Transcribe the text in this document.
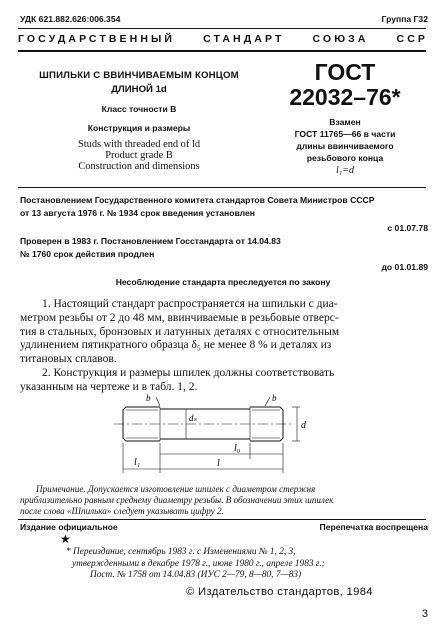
УДК 621.882.626:006.354	Группа Г32
ГОСУДАРСТВЕННЫЙ СТАНДАРТ СОЮЗА ССР
ШПИЛЬКИ С ВВИНЧИВАЕМЫМ КОНЦОМ
ДЛИНОЙ 1d
Класс точности В
Конструкция и размеры
Studs with threaded end of ld
Product grade B
Construction and dimensions
ГОСТ
22032–76*
Взамен
ГОСТ 11765—66 в части
длины ввинчиваемого
резьбового конца
l₁=d
Постановлением Государственного комитета стандартов Совета Министров СССР
от 13 августа 1976 г. № 1934 срок введения установлен
с 01.07.78
Проверен в 1983 г. Постановлением Госстандарта от 14.04.83
№ 1760 срок действия продлен
до 01.01.89
Несоблюдение стандарта преследуется по закону
1. Настоящий стандарт распространяется на шпильки с диа-
метром резьбы от 2 до 48 мм, ввинчиваемые в резьбовые отверс-
тия в стальных, бронзовых и латунных деталях с относительным
удлинением пятикратного образца δ₅ не менее 8 % и деталях из
титановых сплавов.
2. Конструкция и размеры шпилек должны соответствовать
указанным на чертеже и в табл. 1, 2.
dₛ
d
b	b
l₀
l₁	l
Примечание. Допускается изготовление шпилек с диаметром стержня
приблизительно равным среднему диаметру резьбы. В обозначении этих шпилек
после слова «Шпилька» следует указывать цифру 2.
Издание официальное	Перепечатка воспрещена
★
* Переиздание, сентябрь 1983 г. с Изменениями № 1, 2, 3,
утвержденными в декабре 1978 г., июне 1980 г., апреле 1983 г.;
Пост. № 1758 от 14.04.83 (ИУС 2—79, 8—80, 7—83)
© Издательство стандартов, 1984
3
